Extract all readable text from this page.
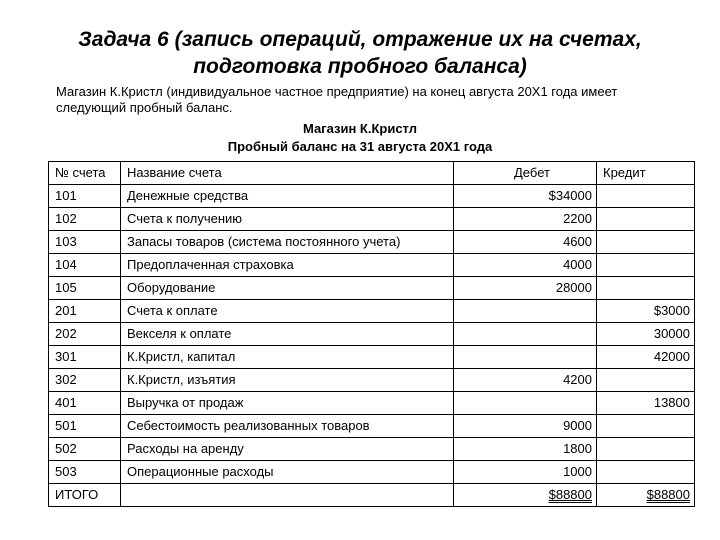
Задача 6 (запись операций, отражение их на счетах,
подготовка пробного баланса)
Магазин К.Кристл (индивидуальное частное предприятие) на конец августа 20Х1 года имеет
следующий пробный баланс.
Магазин К.Кристл
Пробный баланс на 31 августа 20Х1 года
№ счета	Название счета	Дебет	Кредит
101	Денежные средства	$34000	
102	Счета к получению	2200	
103	Запасы товаров (система постоянного учета)	4600	
104	Предоплаченная страховка	4000	
105	Оборудование	28000	
201	Счета к оплате		$3000
202	Векселя к оплате		30000
301	К.Кристл, капитал		42000
302	К.Кристл, изъятия	4200	
401	Выручка от продаж		13800
501	Себестоимость реализованных товаров	9000	
502	Расходы на аренду	1800	
503	Операционные расходы	1000	
ИТОГО		$88800	$88800
